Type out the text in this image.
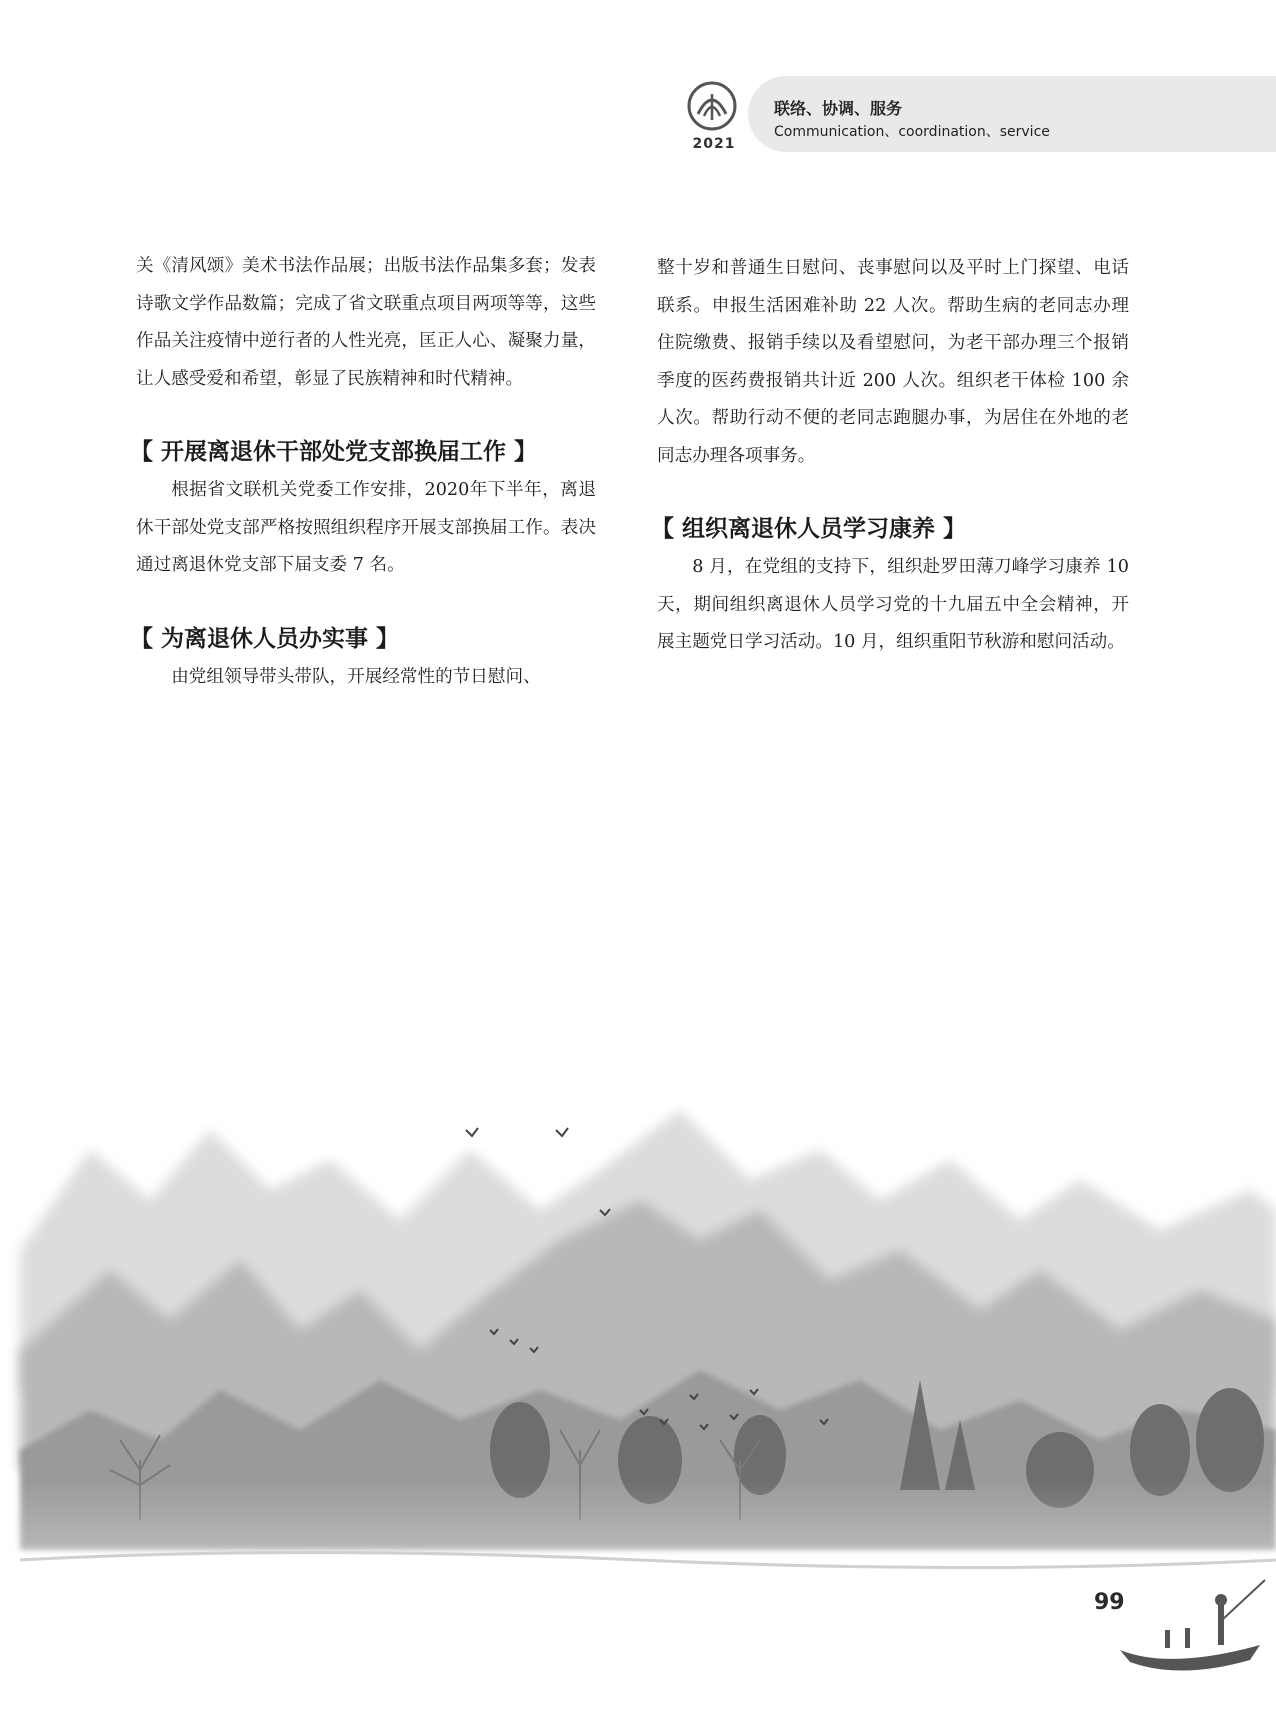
2021
联络、协调、服务
Communication、coordination、service

关《清风颂》美术书法作品展；出版书法作品集多套；发表诗歌文学作品数篇；完成了省文联重点项目两项等等，这些作品关注疫情中逆行者的人性光亮，匡正人心、凝聚力量，让人感受爱和希望，彰显了民族精神和时代精神。

【 开展离退休干部处党支部换届工作 】

根据省文联机关党委工作安排，2020年下半年，离退休干部处党支部严格按照组织程序开展支部换届工作。表决通过离退休党支部下届支委 7 名。

【 为离退休人员办实事 】

由党组领导带头带队，开展经常性的节日慰问、

整十岁和普通生日慰问、丧事慰问以及平时上门探望、电话联系。申报生活困难补助 22 人次。帮助生病的老同志办理住院缴费、报销手续以及看望慰问，为老干部办理三个报销季度的医药费报销共计近 200 人次。组织老干体检 100 余人次。帮助行动不便的老同志跑腿办事，为居住在外地的老同志办理各项事务。

【 组织离退休人员学习康养 】

8 月，在党组的支持下，组织赴罗田薄刀峰学习康养 10 天，期间组织离退休人员学习党的十九届五中全会精神，开展主题党日学习活动。10 月，组织重阳节秋游和慰问活动。

99
